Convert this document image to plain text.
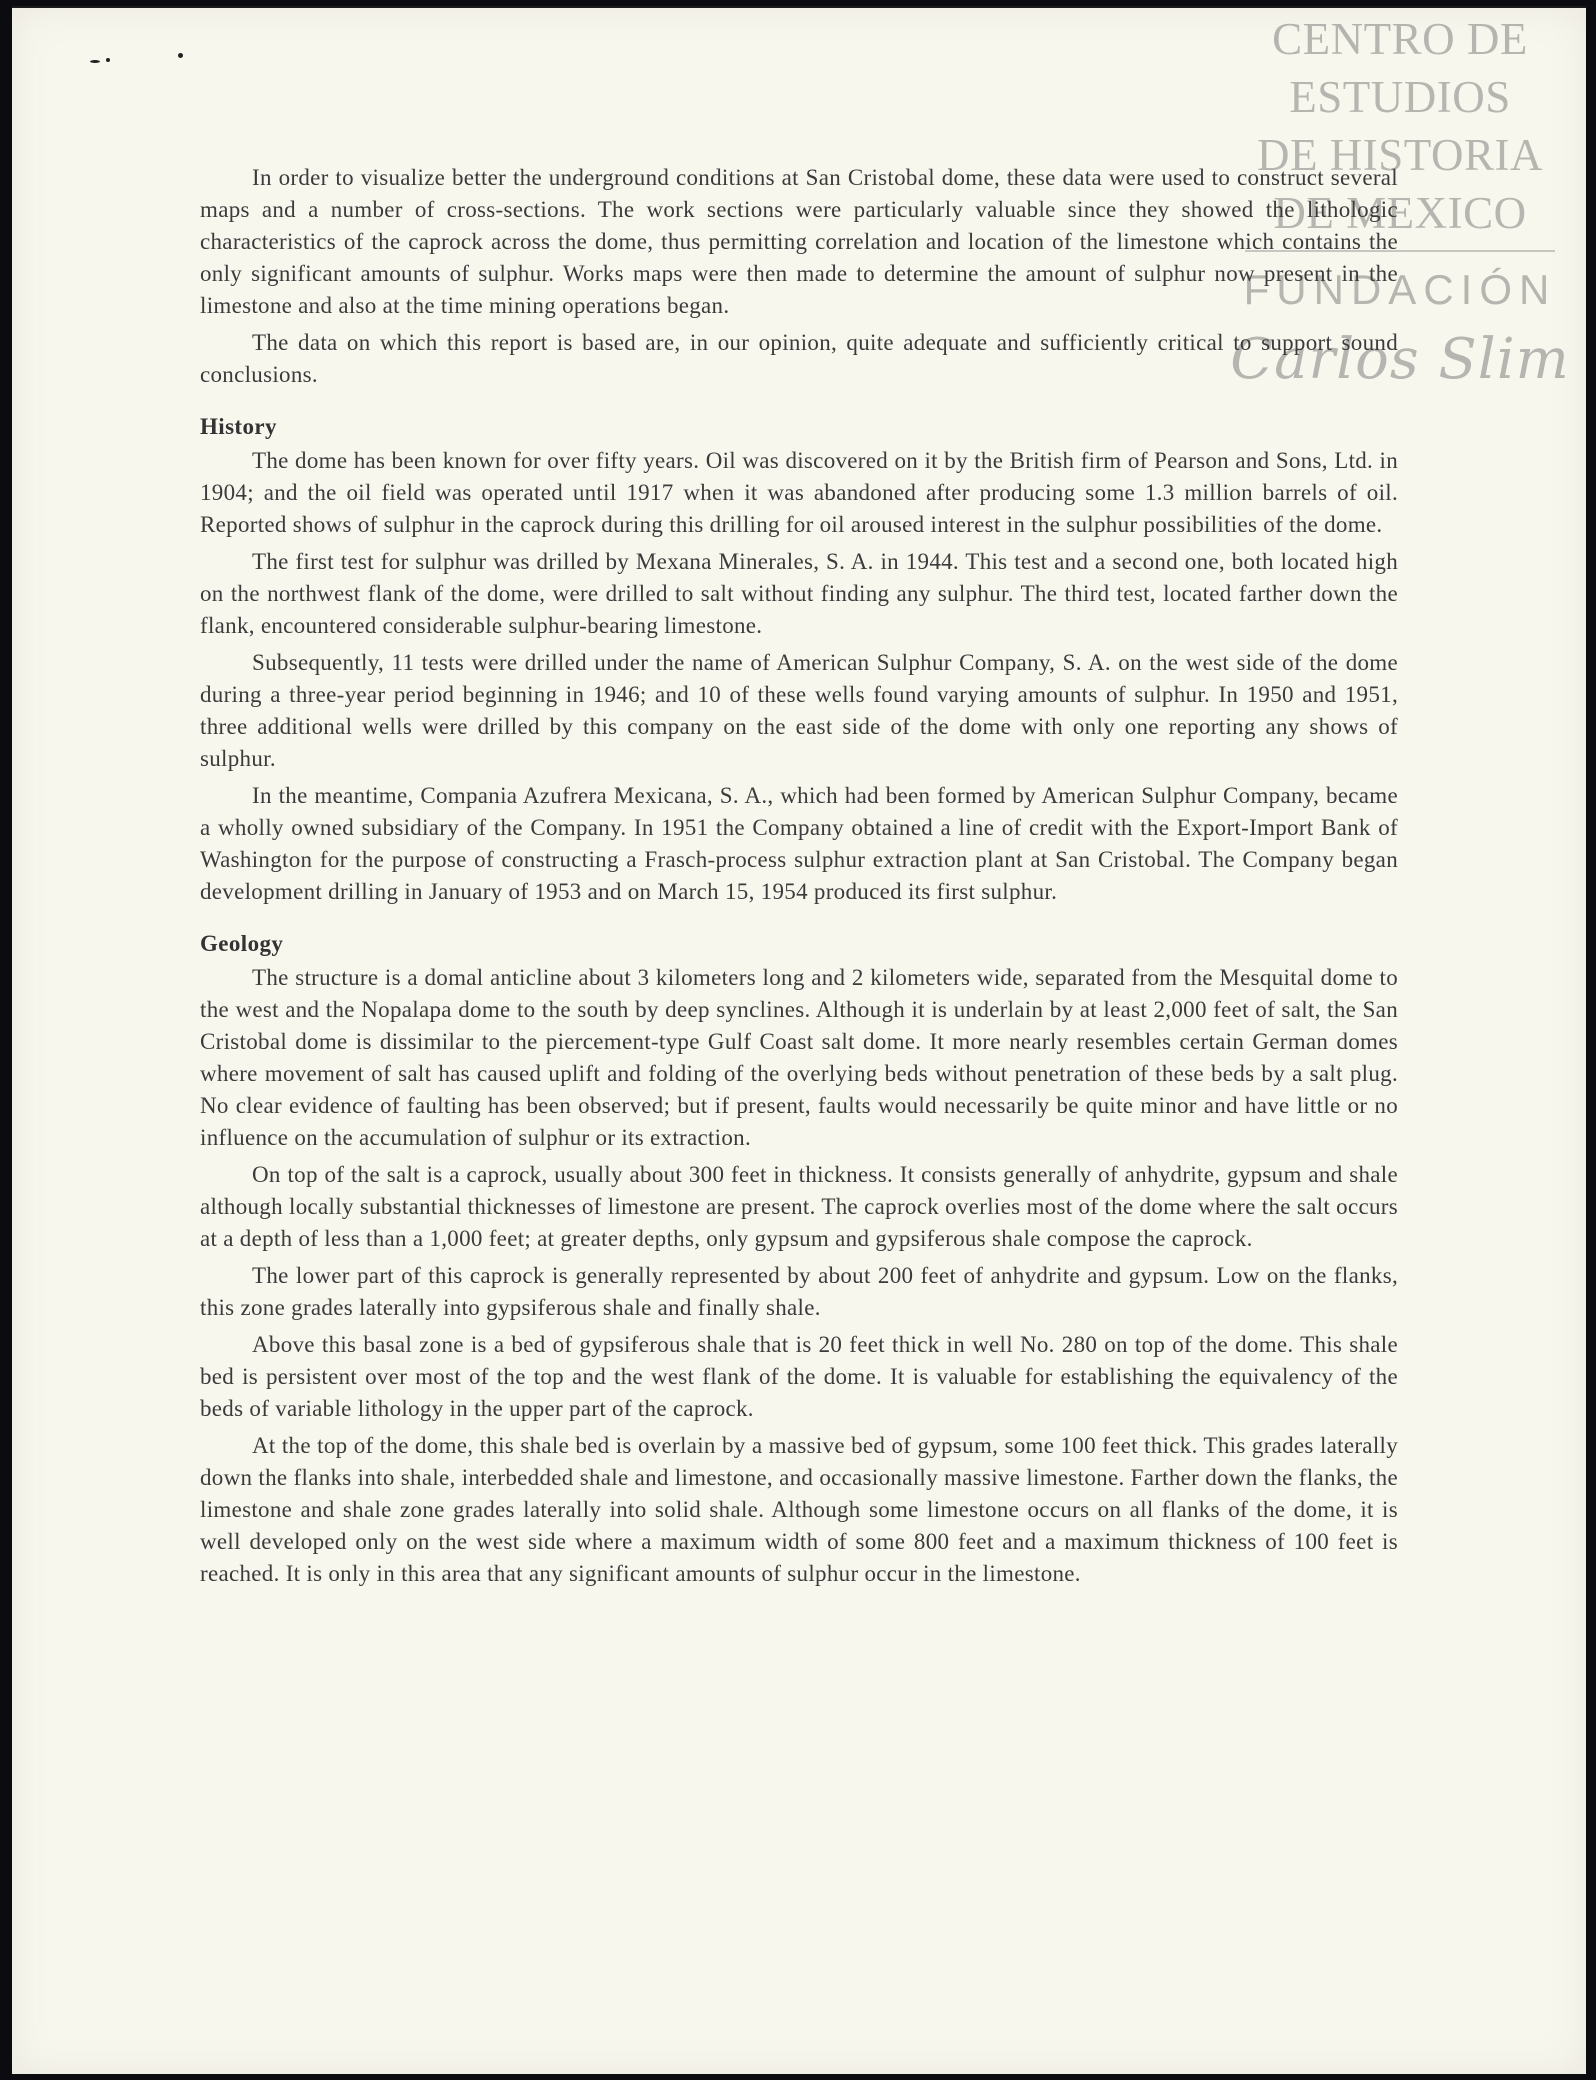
CENTRO DE
ESTUDIOS
DE HISTORIA
DE MEXICO
FUNDACIÓN
Carlos Slim

In order to visualize better the underground conditions at San Cristobal dome, these data were used to construct several maps and a number of cross-sections. The work sections were particularly valuable since they showed the lithologic characteristics of the caprock across the dome, thus permitting correlation and location of the limestone which contains the only significant amounts of sulphur. Works maps were then made to determine the amount of sulphur now present in the limestone and also at the time mining operations began.

The data on which this report is based are, in our opinion, quite adequate and sufficiently critical to support sound conclusions.

History

The dome has been known for over fifty years. Oil was discovered on it by the British firm of Pearson and Sons, Ltd. in 1904; and the oil field was operated until 1917 when it was abandoned after producing some 1.3 million barrels of oil. Reported shows of sulphur in the caprock during this drilling for oil aroused interest in the sulphur possibilities of the dome.

The first test for sulphur was drilled by Mexana Minerales, S. A. in 1944. This test and a second one, both located high on the northwest flank of the dome, were drilled to salt without finding any sulphur. The third test, located farther down the flank, encountered considerable sulphur-bearing limestone.

Subsequently, 11 tests were drilled under the name of American Sulphur Company, S. A. on the west side of the dome during a three-year period beginning in 1946; and 10 of these wells found varying amounts of sulphur. In 1950 and 1951, three additional wells were drilled by this company on the east side of the dome with only one reporting any shows of sulphur.

In the meantime, Compania Azufrera Mexicana, S. A., which had been formed by American Sulphur Company, became a wholly owned subsidiary of the Company. In 1951 the Company obtained a line of credit with the Export-Import Bank of Washington for the purpose of constructing a Frasch-process sulphur extraction plant at San Cristobal. The Company began development drilling in January of 1953 and on March 15, 1954 produced its first sulphur.

Geology

The structure is a domal anticline about 3 kilometers long and 2 kilometers wide, separated from the Mesquital dome to the west and the Nopalapa dome to the south by deep synclines. Although it is underlain by at least 2,000 feet of salt, the San Cristobal dome is dissimilar to the piercement-type Gulf Coast salt dome. It more nearly resembles certain German domes where movement of salt has caused uplift and folding of the overlying beds without penetration of these beds by a salt plug. No clear evidence of faulting has been observed; but if present, faults would necessarily be quite minor and have little or no influence on the accumulation of sulphur or its extraction.

On top of the salt is a caprock, usually about 300 feet in thickness. It consists generally of anhydrite, gypsum and shale although locally substantial thicknesses of limestone are present. The caprock overlies most of the dome where the salt occurs at a depth of less than a 1,000 feet; at greater depths, only gypsum and gypsiferous shale compose the caprock.

The lower part of this caprock is generally represented by about 200 feet of anhydrite and gypsum. Low on the flanks, this zone grades laterally into gypsiferous shale and finally shale.

Above this basal zone is a bed of gypsiferous shale that is 20 feet thick in well No. 280 on top of the dome. This shale bed is persistent over most of the top and the west flank of the dome. It is valuable for establishing the equivalency of the beds of variable lithology in the upper part of the caprock.

At the top of the dome, this shale bed is overlain by a massive bed of gypsum, some 100 feet thick. This grades laterally down the flanks into shale, interbedded shale and limestone, and occasionally massive limestone. Farther down the flanks, the limestone and shale zone grades laterally into solid shale. Although some limestone occurs on all flanks of the dome, it is well developed only on the west side where a maximum width of some 800 feet and a maximum thickness of 100 feet is reached. It is only in this area that any significant amounts of sulphur occur in the limestone.
